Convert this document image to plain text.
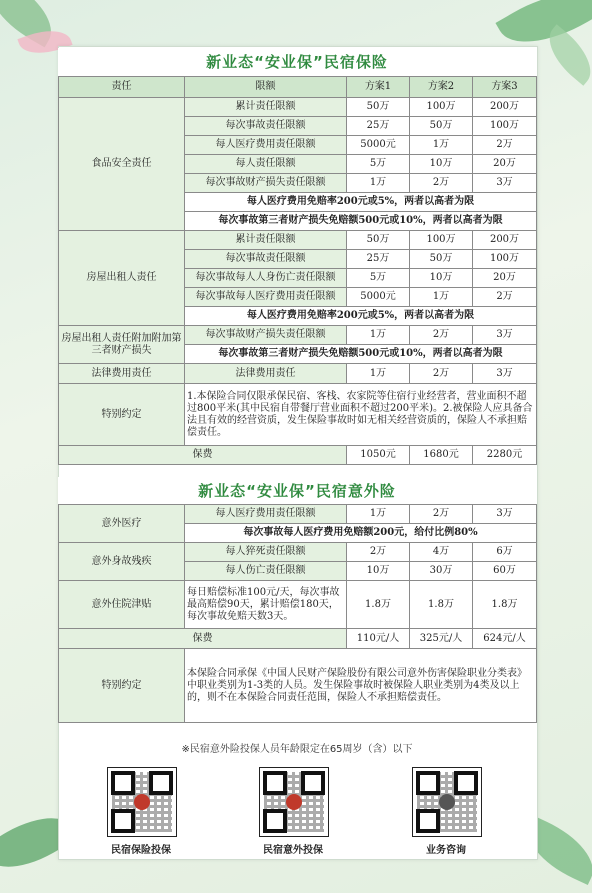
新业态“安业保”民宿保险
责任	限额	方案1	方案2	方案3
食品安全责任	累计责任限额	50万	100万	200万
	每次事故责任限额	25万	50万	100万
	每人医疗费用责任限额	5000元	1万	2万
	每人责任限额	5万	10万	20万
	每次事故财产损失责任限额	1万	2万	3万
	每人医疗费用免赔率200元或5%，两者以高者为限			
	每次事故第三者财产损失免赔额500元或10%，两者以高者为限			
房屋出租人责任	累计责任限额	50万	100万	200万
	每次事故责任限额	25万	50万	100万
	每次事故每人人身伤亡责任限额	5万	10万	20万
	每次事故每人医疗费用责任限额	5000元	1万	2万
	每人医疗费用免赔率200元或5%，两者以高者为限			
房屋出租人责任附加附加第三者财产损失	每次事故财产损失责任限额	1万	2万	3万
	每次事故第三者财产损失免赔额500元或10%，两者以高者为限			
法律费用责任	法律费用责任	1万	2万	3万
特别约定	1.本保险合同仅限承保民宿、客栈、农家院等住宿行业经营者，营业面积不超过800平米(其中民宿自带餐厅营业面积不超过200平米)。2.被保险人应具备合法且有效的经营资质，发生保险事故时如无相关经营资质的，保险人不承担赔偿责任。			
保费		1050元	1680元	2280元
新业态“安业保”民宿意外险
意外医疗	每人医疗费用责任限额	1万	2万	3万
	每次事故每人医疗费用免赔额200元，给付比例80%			
意外身故残疾	每人猝死责任限额	2万	4万	6万
	每人伤亡责任限额	10万	30万	60万
意外住院津贴	每日赔偿标准100元/天，每次事故最高赔偿90天，累计赔偿180天，每次事故免赔天数3天。	1.8万	1.8万	1.8万
保费		110元/人	325元/人	624元/人
特别约定	本保险合同承保《中国人民财产保险股份有限公司意外伤害保险职业分类表》中职业类别为1-3类的人员。发生保险事故时被保险人职业类别为4类及以上的，则不在本保险合同责任范围，保险人不承担赔偿责任。			
※民宿意外险投保人员年龄限定在65周岁（含）以下
民宿保险投保	民宿意外投保	业务咨询
